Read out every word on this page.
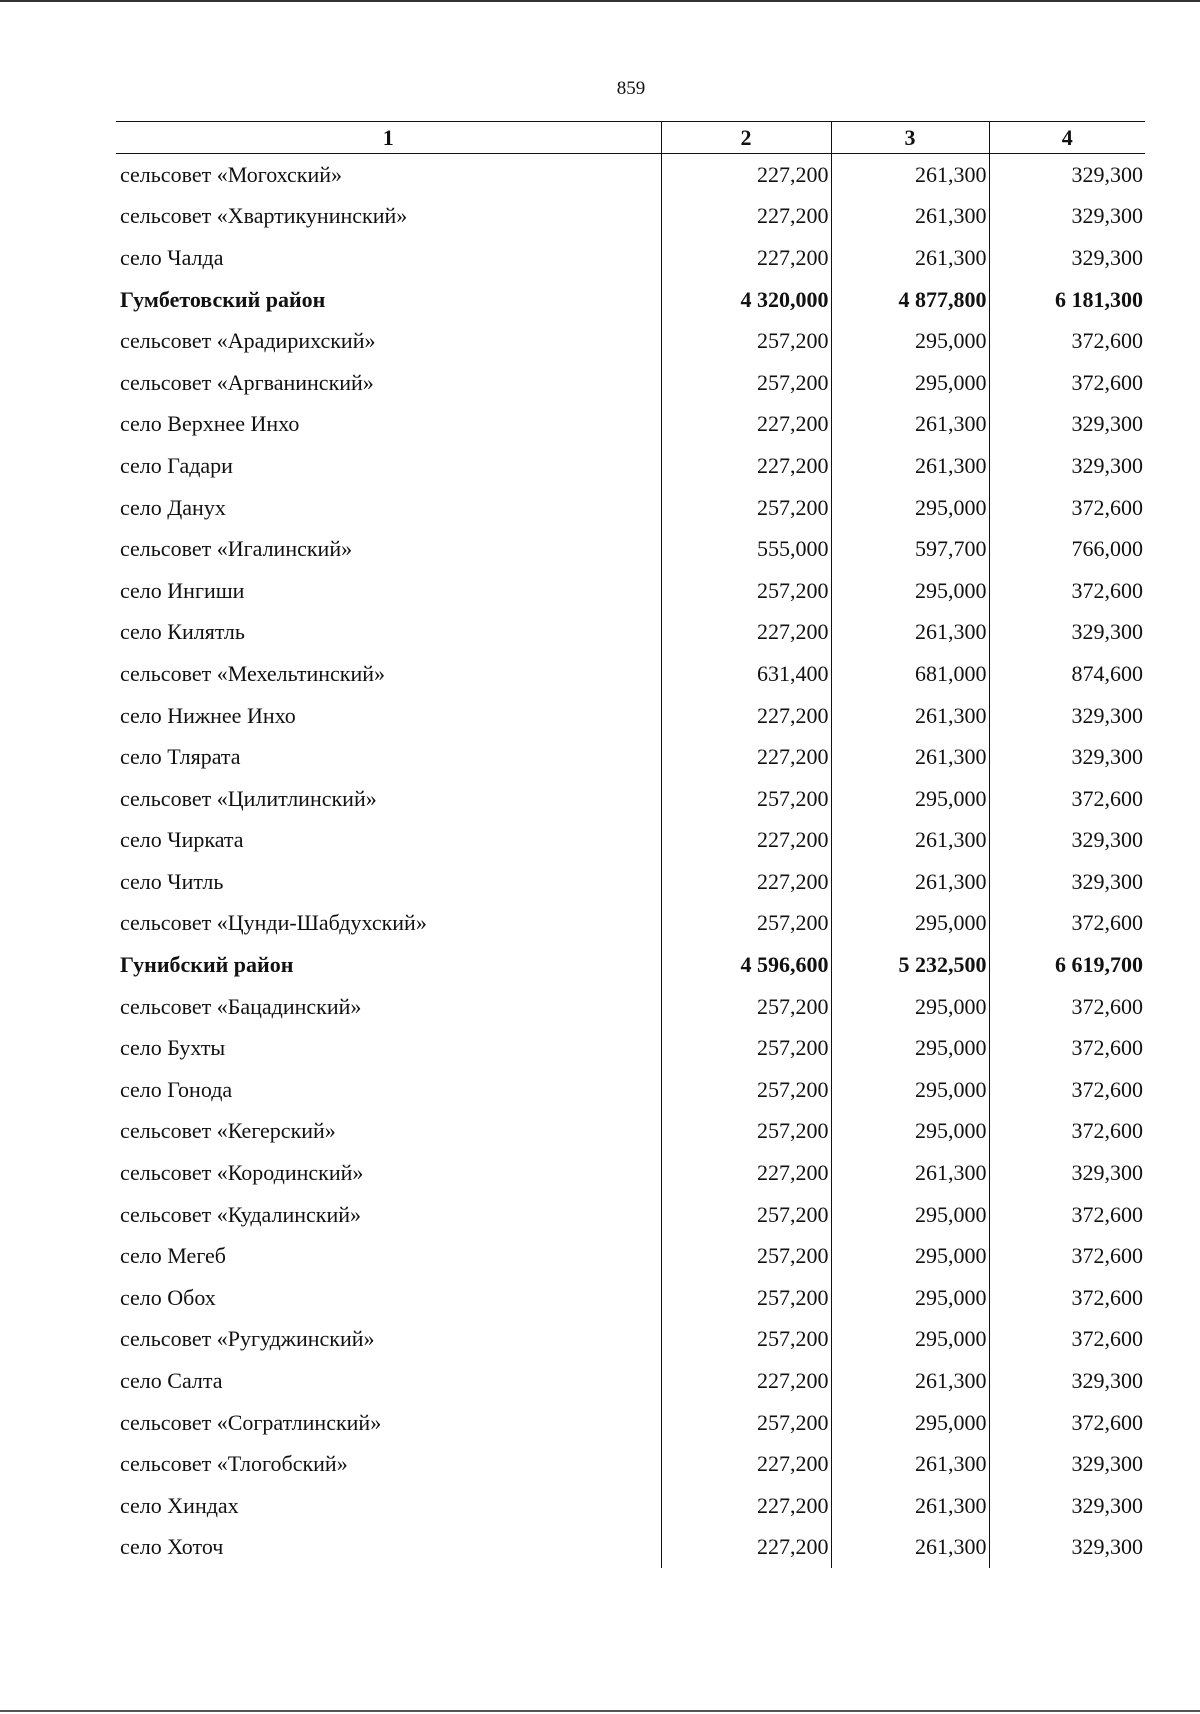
859
1	2	3	4
сельсовет «Могохский»	227,200	261,300	329,300
сельсовет «Хвартикунинский»	227,200	261,300	329,300
село Чалда	227,200	261,300	329,300
Гумбетовский район	4 320,000	4 877,800	6 181,300
сельсовет «Арадирихский»	257,200	295,000	372,600
сельсовет «Аргванинский»	257,200	295,000	372,600
село Верхнее Инхо	227,200	261,300	329,300
село Гадари	227,200	261,300	329,300
село Данух	257,200	295,000	372,600
сельсовет «Игалинский»	555,000	597,700	766,000
село Ингиши	257,200	295,000	372,600
село Килятль	227,200	261,300	329,300
сельсовет «Мехельтинский»	631,400	681,000	874,600
село Нижнее Инхо	227,200	261,300	329,300
село Тлярата	227,200	261,300	329,300
сельсовет «Цилитлинский»	257,200	295,000	372,600
село Чирката	227,200	261,300	329,300
село Читль	227,200	261,300	329,300
сельсовет «Цунди-Шабдухский»	257,200	295,000	372,600
Гунибский район	4 596,600	5 232,500	6 619,700
сельсовет «Бацадинский»	257,200	295,000	372,600
село Бухты	257,200	295,000	372,600
село Гонода	257,200	295,000	372,600
сельсовет «Кегерский»	257,200	295,000	372,600
сельсовет «Кородинский»	227,200	261,300	329,300
сельсовет «Кудалинский»	257,200	295,000	372,600
село Мегеб	257,200	295,000	372,600
село Обох	257,200	295,000	372,600
сельсовет «Ругуджинский»	257,200	295,000	372,600
село Салта	227,200	261,300	329,300
сельсовет «Согратлинский»	257,200	295,000	372,600
сельсовет «Тлогобский»	227,200	261,300	329,300
село Хиндах	227,200	261,300	329,300
село Хоточ	227,200	261,300	329,300
